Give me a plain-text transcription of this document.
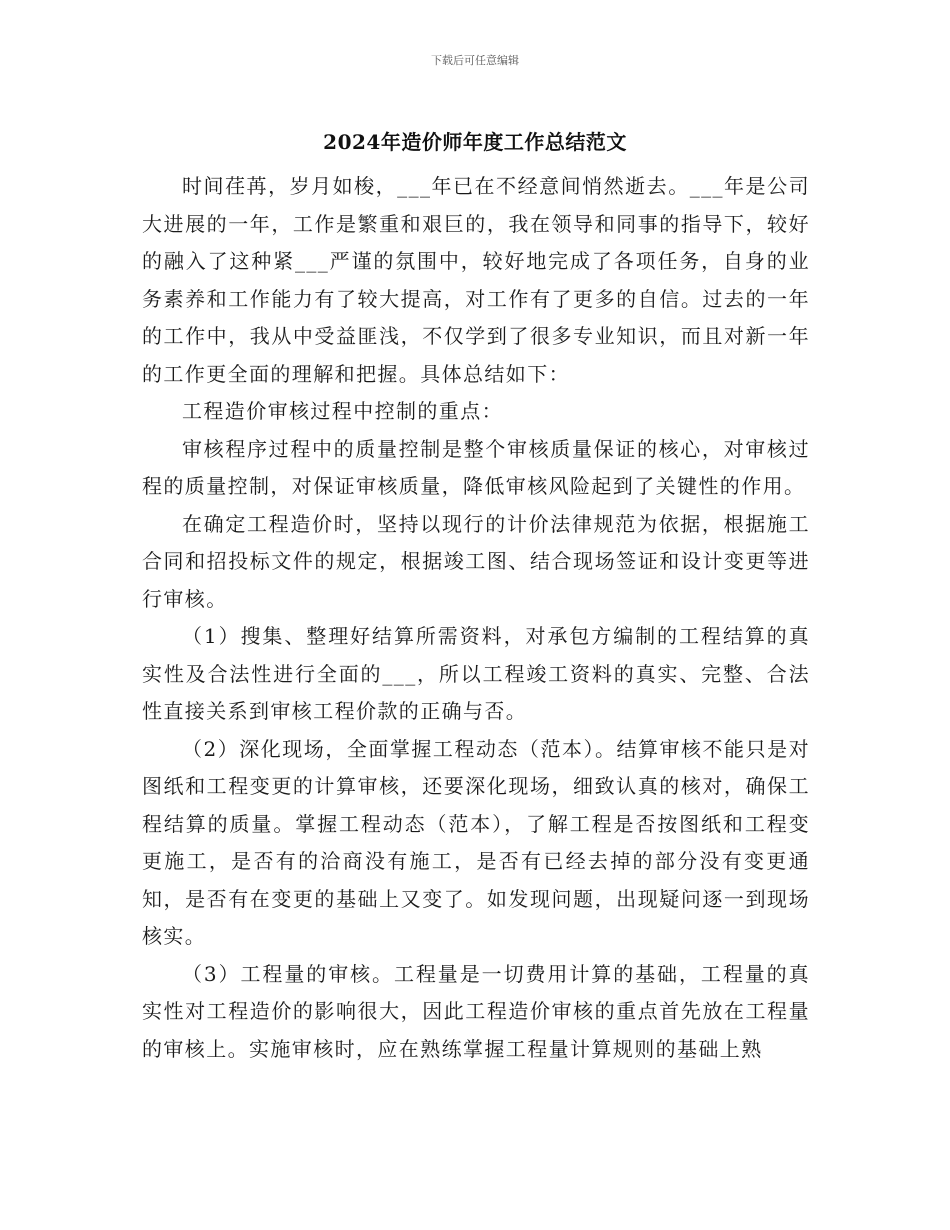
下载后可任意编辑
2024年造价师年度工作总结范文

时间荏苒，岁月如梭，___年已在不经意间悄然逝去。___年是公司大进展的一年，工作是繁重和艰巨的，我在领导和同事的指导下，较好的融入了这种紧___严谨的氛围中，较好地完成了各项任务，自身的业务素养和工作能力有了较大提高，对工作有了更多的自信。过去的一年的工作中，我从中受益匪浅，不仅学到了很多专业知识，而且对新一年的工作更全面的理解和把握。具体总结如下：

工程造价审核过程中控制的重点：

审核程序过程中的质量控制是整个审核质量保证的核心，对审核过程的质量控制，对保证审核质量，降低审核风险起到了关键性的作用。

在确定工程造价时，坚持以现行的计价法律规范为依据，根据施工合同和招投标文件的规定，根据竣工图、结合现场签证和设计变更等进行审核。

（1）搜集、整理好结算所需资料，对承包方编制的工程结算的真实性及合法性进行全面的___，所以工程竣工资料的真实、完整、合法性直接关系到审核工程价款的正确与否。

（2）深化现场，全面掌握工程动态（范本）。结算审核不能只是对图纸和工程变更的计算审核，还要深化现场，细致认真的核对，确保工程结算的质量。掌握工程动态（范本），了解工程是否按图纸和工程变更施工，是否有的洽商没有施工，是否有已经去掉的部分没有变更通知，是否有在变更的基础上又变了。如发现问题，出现疑问逐一到现场核实。

（3）工程量的审核。工程量是一切费用计算的基础，工程量的真实性对工程造价的影响很大，因此工程造价审核的重点首先放在工程量的审核上。实施审核时，应在熟练掌握工程量计算规则的基础上熟
